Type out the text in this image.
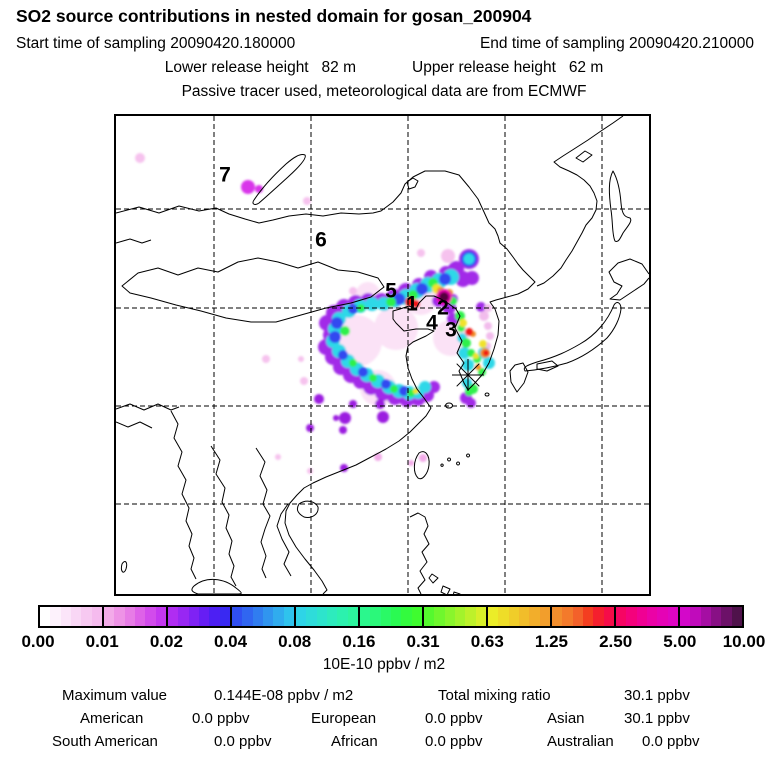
SO2 source contributions in nested domain for gosan_200904
Start time of sampling 20090420.180000	End time of sampling 20090420.210000
Lower release height   82 m	Upper release height   62 m
Passive tracer used, meteorological data are from ECMWF
7
6
5
1 2
4 3
0.00 0.01 0.02 0.04 0.08 0.16 0.31 0.63 1.25 2.50 5.00 10.00
10E-10 ppbv / m2
Maximum value	0.144E-08 ppbv / m2	Total mixing ratio	30.1 ppbv
American	0.0 ppbv	European	0.0 ppbv	Asian	30.1 ppbv
South American	0.0 ppbv	African	0.0 ppbv	Australian 0.0 ppbv
